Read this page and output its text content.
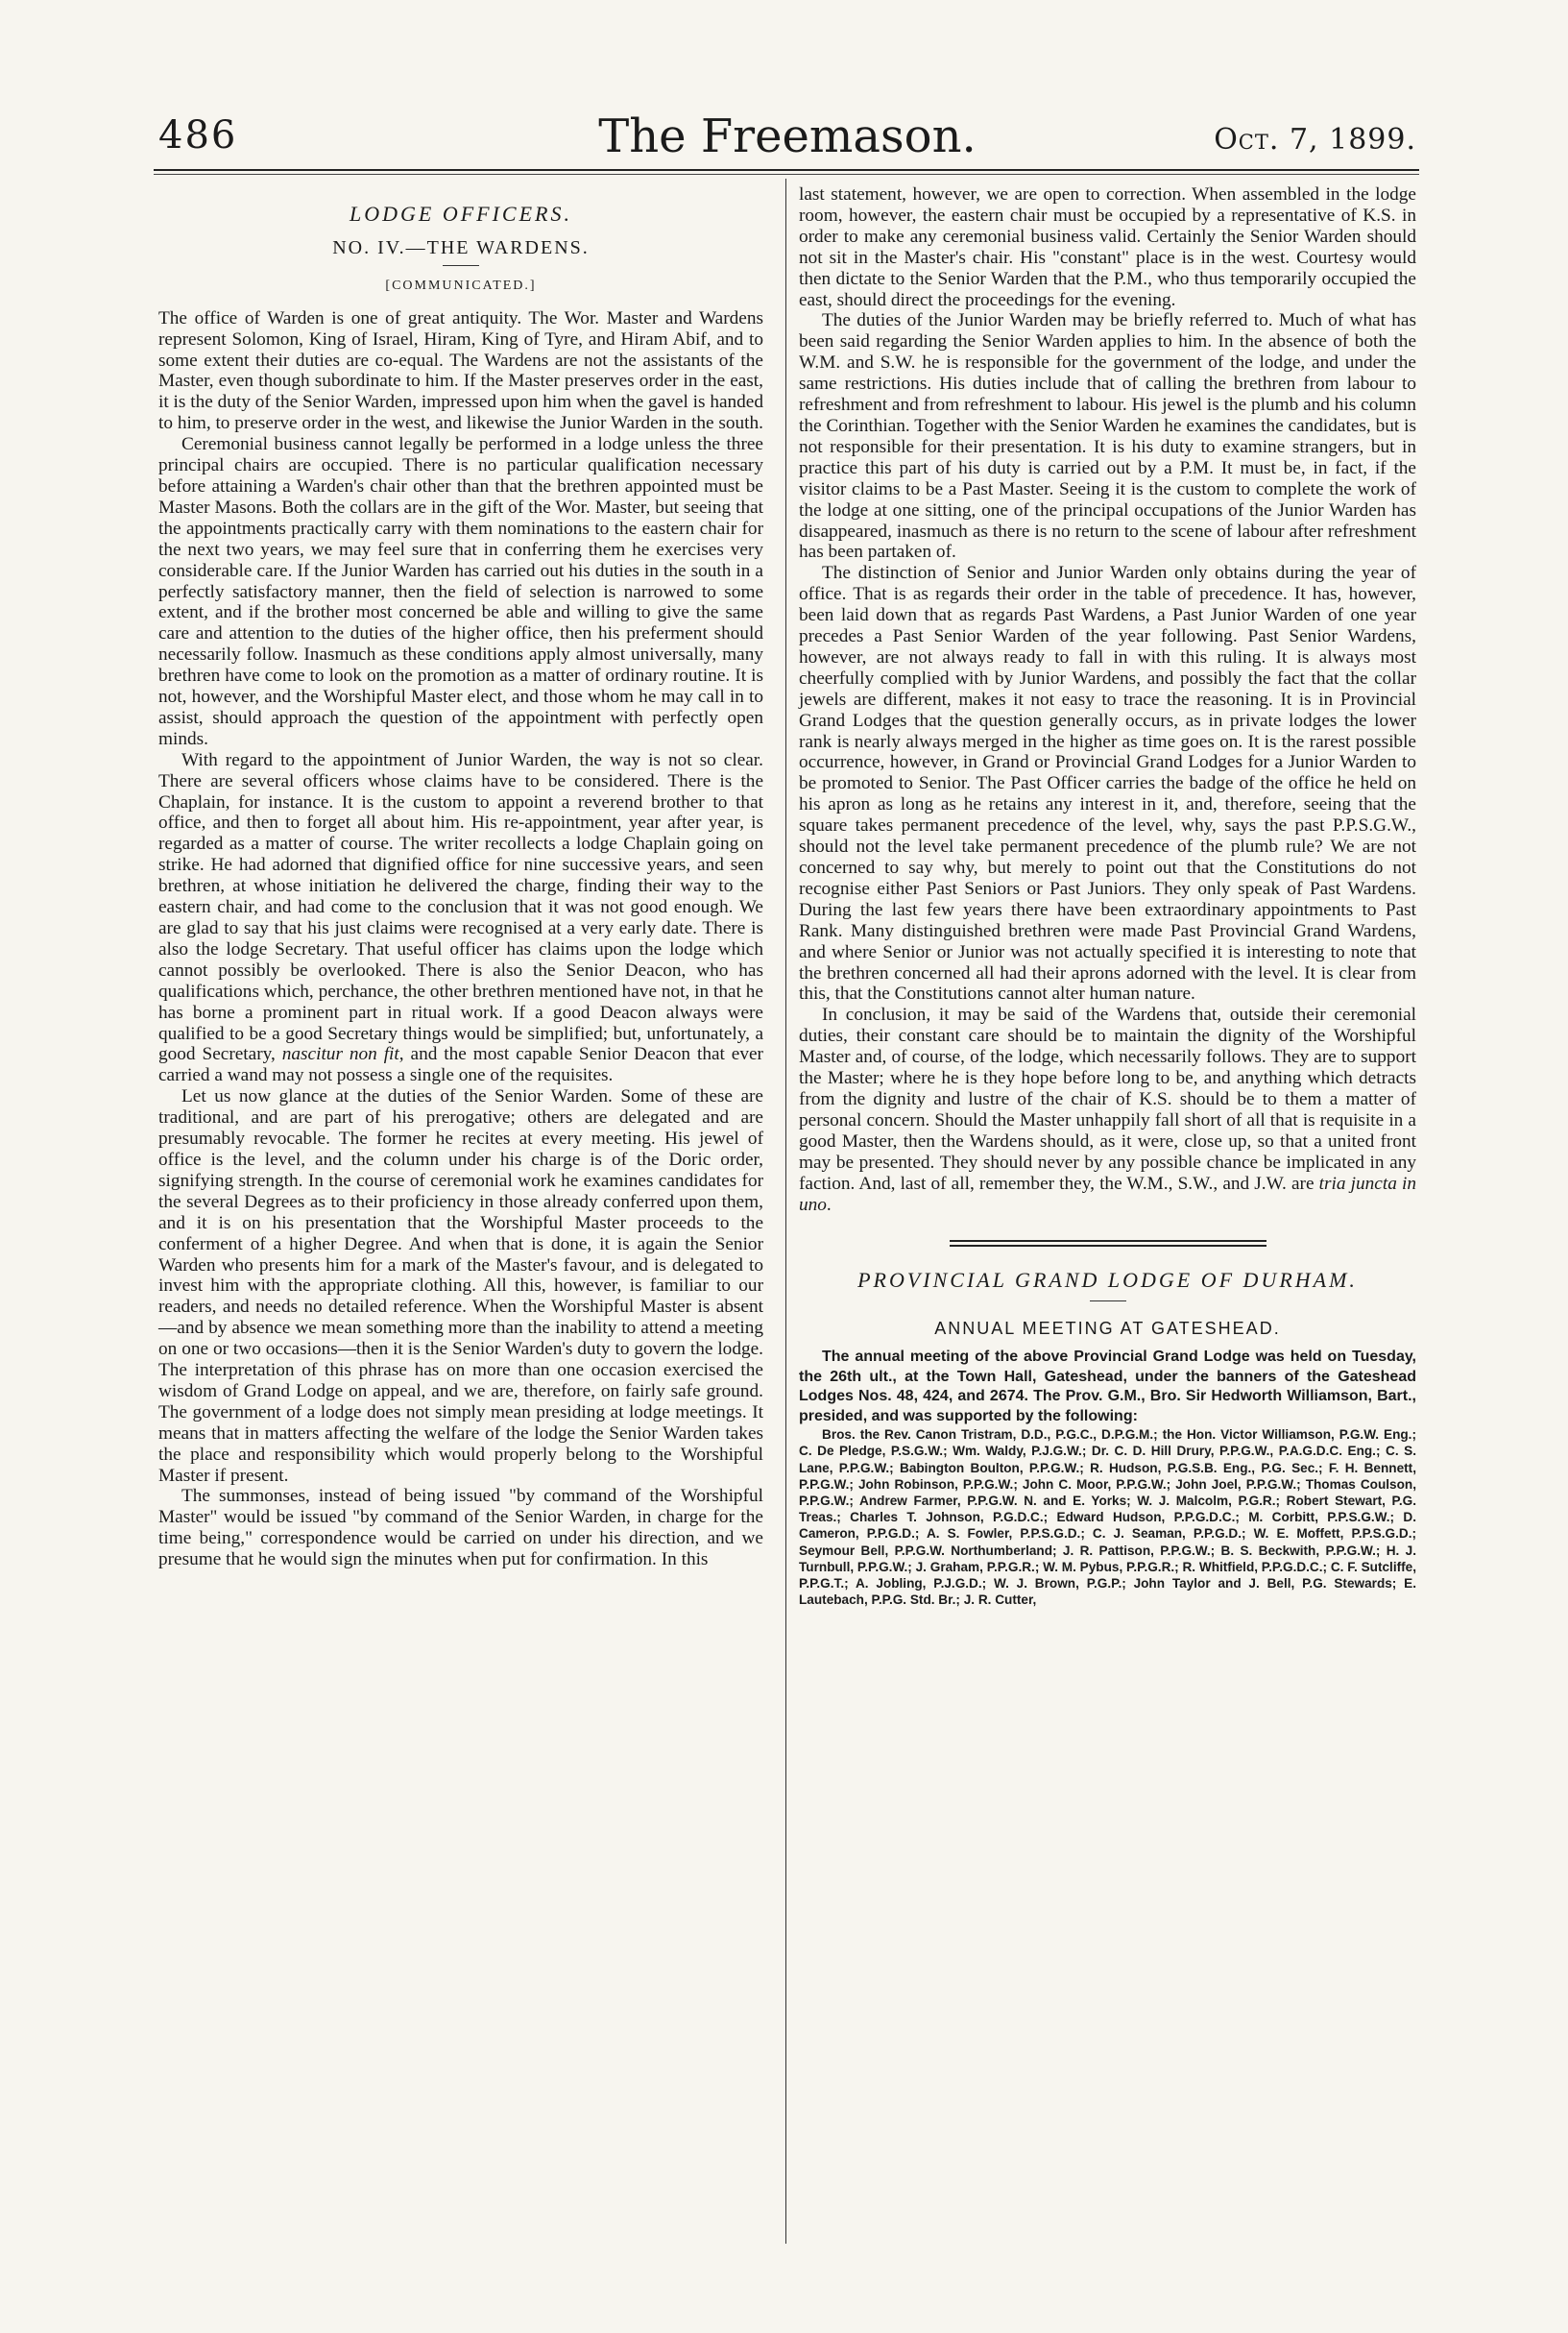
486	The Freemason.	Oct. 7, 1899.
LODGE OFFICERS.
NO. IV.—THE WARDENS.
[COMMUNICATED.]

The office of Warden is one of great antiquity. The Wor. Master and Wardens represent Solomon, King of Israel, Hiram, King of Tyre, and Hiram Abif, and to some extent their duties are co-equal. The Wardens are not the assistants of the Master, even though subordinate to him. If the Master preserves order in the east, it is the duty of the Senior Warden, impressed upon him when the gavel is handed to him, to preserve order in the west, and likewise the Junior Warden in the south.

Ceremonial business cannot legally be performed in a lodge unless the three principal chairs are occupied. There is no particular qualification necessary before attaining a Warden's chair other than that the brethren appointed must be Master Masons. Both the collars are in the gift of the Wor. Master, but seeing that the appointments practically carry with them nominations to the eastern chair for the next two years, we may feel sure that in conferring them he exercises very considerable care. If the Junior Warden has carried out his duties in the south in a perfectly satisfactory manner, then the field of selection is narrowed to some extent, and if the brother most concerned be able and willing to give the same care and attention to the duties of the higher office, then his preferment should necessarily follow. Inasmuch as these conditions apply almost universally, many brethren have come to look on the promotion as a matter of ordinary routine. It is not, however, and the Worshipful Master elect, and those whom he may call in to assist, should approach the question of the appointment with perfectly open minds.

With regard to the appointment of Junior Warden, the way is not so clear. There are several officers whose claims have to be considered. There is the Chaplain, for instance. It is the custom to appoint a reverend brother to that office, and then to forget all about him. His re-appointment, year after year, is regarded as a matter of course. The writer recollects a lodge Chaplain going on strike. He had adorned that dignified office for nine successive years, and seen brethren, at whose initiation he delivered the charge, finding their way to the eastern chair, and had come to the conclusion that it was not good enough. We are glad to say that his just claims were recognised at a very early date. There is also the lodge Secretary. That useful officer has claims upon the lodge which cannot possibly be overlooked. There is also the Senior Deacon, who has qualifications which, perchance, the other brethren mentioned have not, in that he has borne a prominent part in ritual work. If a good Deacon always were qualified to be a good Secretary things would be simplified; but, unfortunately, a good Secretary, nascitur non fit, and the most capable Senior Deacon that ever carried a wand may not possess a single one of the requisites.

Let us now glance at the duties of the Senior Warden. Some of these are traditional, and are part of his prerogative; others are delegated and are presumably revocable. The former he recites at every meeting. His jewel of office is the level, and the column under his charge is of the Doric order, signifying strength. In the course of ceremonial work he examines candidates for the several Degrees as to their proficiency in those already conferred upon them, and it is on his presentation that the Worshipful Master proceeds to the conferment of a higher Degree. And when that is done, it is again the Senior Warden who presents him for a mark of the Master's favour, and is delegated to invest him with the appropriate clothing. All this, however, is familiar to our readers, and needs no detailed reference. When the Worshipful Master is absent—and by absence we mean something more than the inability to attend a meeting on one or two occasions—then it is the Senior Warden's duty to govern the lodge. The interpretation of this phrase has on more than one occasion exercised the wisdom of Grand Lodge on appeal, and we are, therefore, on fairly safe ground. The government of a lodge does not simply mean presiding at lodge meetings. It means that in matters affecting the welfare of the lodge the Senior Warden takes the place and responsibility which would properly belong to the Worshipful Master if present.

The summonses, instead of being issued "by command of the Worshipful Master" would be issued "by command of the Senior Warden, in charge for the time being," correspondence would be carried on under his direction, and we presume that he would sign the minutes when put for confirmation. In this

last statement, however, we are open to correction. When assembled in the lodge room, however, the eastern chair must be occupied by a representative of K.S. in order to make any ceremonial business valid. Certainly the Senior Warden should not sit in the Master's chair. His "constant" place is in the west. Courtesy would then dictate to the Senior Warden that the P.M., who thus temporarily occupied the east, should direct the proceedings for the evening.

The duties of the Junior Warden may be briefly referred to. Much of what has been said regarding the Senior Warden applies to him. In the absence of both the W.M. and S.W. he is responsible for the government of the lodge, and under the same restrictions. His duties include that of calling the brethren from labour to refreshment and from refreshment to labour. His jewel is the plumb and his column the Corinthian. Together with the Senior Warden he examines the candidates, but is not responsible for their presentation. It is his duty to examine strangers, but in practice this part of his duty is carried out by a P.M. It must be, in fact, if the visitor claims to be a Past Master. Seeing it is the custom to complete the work of the lodge at one sitting, one of the principal occupations of the Junior Warden has disappeared, inasmuch as there is no return to the scene of labour after refreshment has been partaken of.

The distinction of Senior and Junior Warden only obtains during the year of office. That is as regards their order in the table of precedence. It has, however, been laid down that as regards Past Wardens, a Past Junior Warden of one year precedes a Past Senior Warden of the year following. Past Senior Wardens, however, are not always ready to fall in with this ruling. It is always most cheerfully complied with by Junior Wardens, and possibly the fact that the collar jewels are different, makes it not easy to trace the reasoning. It is in Provincial Grand Lodges that the question generally occurs, as in private lodges the lower rank is nearly always merged in the higher as time goes on. It is the rarest possible occurrence, however, in Grand or Provincial Grand Lodges for a Junior Warden to be promoted to Senior. The Past Officer carries the badge of the office he held on his apron as long as he retains any interest in it, and, therefore, seeing that the square takes permanent precedence of the level, why, says the past P.P.S.G.W., should not the level take permanent precedence of the plumb rule? We are not concerned to say why, but merely to point out that the Constitutions do not recognise either Past Seniors or Past Juniors. They only speak of Past Wardens. During the last few years there have been extraordinary appointments to Past Rank. Many distinguished brethren were made Past Provincial Grand Wardens, and where Senior or Junior was not actually specified it is interesting to note that the brethren concerned all had their aprons adorned with the level. It is clear from this, that the Constitutions cannot alter human nature.

In conclusion, it may be said of the Wardens that, outside their ceremonial duties, their constant care should be to maintain the dignity of the Worshipful Master and, of course, of the lodge, which necessarily follows. They are to support the Master; where he is they hope before long to be, and anything which detracts from the dignity and lustre of the chair of K.S. should be to them a matter of personal concern. Should the Master unhappily fall short of all that is requisite in a good Master, then the Wardens should, as it were, close up, so that a united front may be presented. They should never by any possible chance be implicated in any faction. And, last of all, remember they, the W.M., S.W., and J.W. are tria juncta in uno.

PROVINCIAL GRAND LODGE OF DURHAM.
ANNUAL MEETING AT GATESHEAD.

The annual meeting of the above Provincial Grand Lodge was held on Tuesday, the 26th ult., at the Town Hall, Gateshead, under the banners of the Gateshead Lodges Nos. 48, 424, and 2674. The Prov. G.M., Bro. Sir Hedworth Williamson, Bart., presided, and was supported by the following:

Bros. the Rev. Canon Tristram, D.D., P.G.C., D.P.G.M.; the Hon. Victor Williamson, P.G.W. Eng.; C. De Pledge, P.S.G.W.; Wm. Waldy, P.J.G.W.; Dr. C. D. Hill Drury, P.P.G.W., P.A.G.D.C. Eng.; C. S. Lane, P.P.G.W.; Babington Boulton, P.P.G.W.; R. Hudson, P.G.S.B. Eng., P.G. Sec.; F. H. Bennett, P.P.G.W.; John Robinson, P.P.G.W.; John C. Moor, P.P.G.W.; John Joel, P.P.G.W.; Thomas Coulson, P.P.G.W.; Andrew Farmer, P.P.G.W. N. and E. Yorks; W. J. Malcolm, P.G.R.; Robert Stewart, P.G. Treas.; Charles T. Johnson, P.G.D.C.; Edward Hudson, P.P.G.D.C.; M. Corbitt, P.P.S.G.W.; D. Cameron, P.P.G.D.; A. S. Fowler, P.P.S.G.D.; C. J. Seaman, P.P.G.D.; W. E. Moffett, P.P.S.G.D.; Seymour Bell, P.P.G.W. Northumberland; J. R. Pattison, P.P.G.W.; B. S. Beckwith, P.P.G.W.; H. J. Turnbull, P.P.G.W.; J. Graham, P.P.G.R.; W. M. Pybus, P.P.G.R.; R. Whitfield, P.P.G.D.C.; C. F. Sutcliffe, P.P.G.T.; A. Jobling, P.J.G.D.; W. J. Brown, P.G.P.; John Taylor and J. Bell, P.G. Stewards; E. Lautebach, P.P.G. Std. Br.; J. R. Cutter,
